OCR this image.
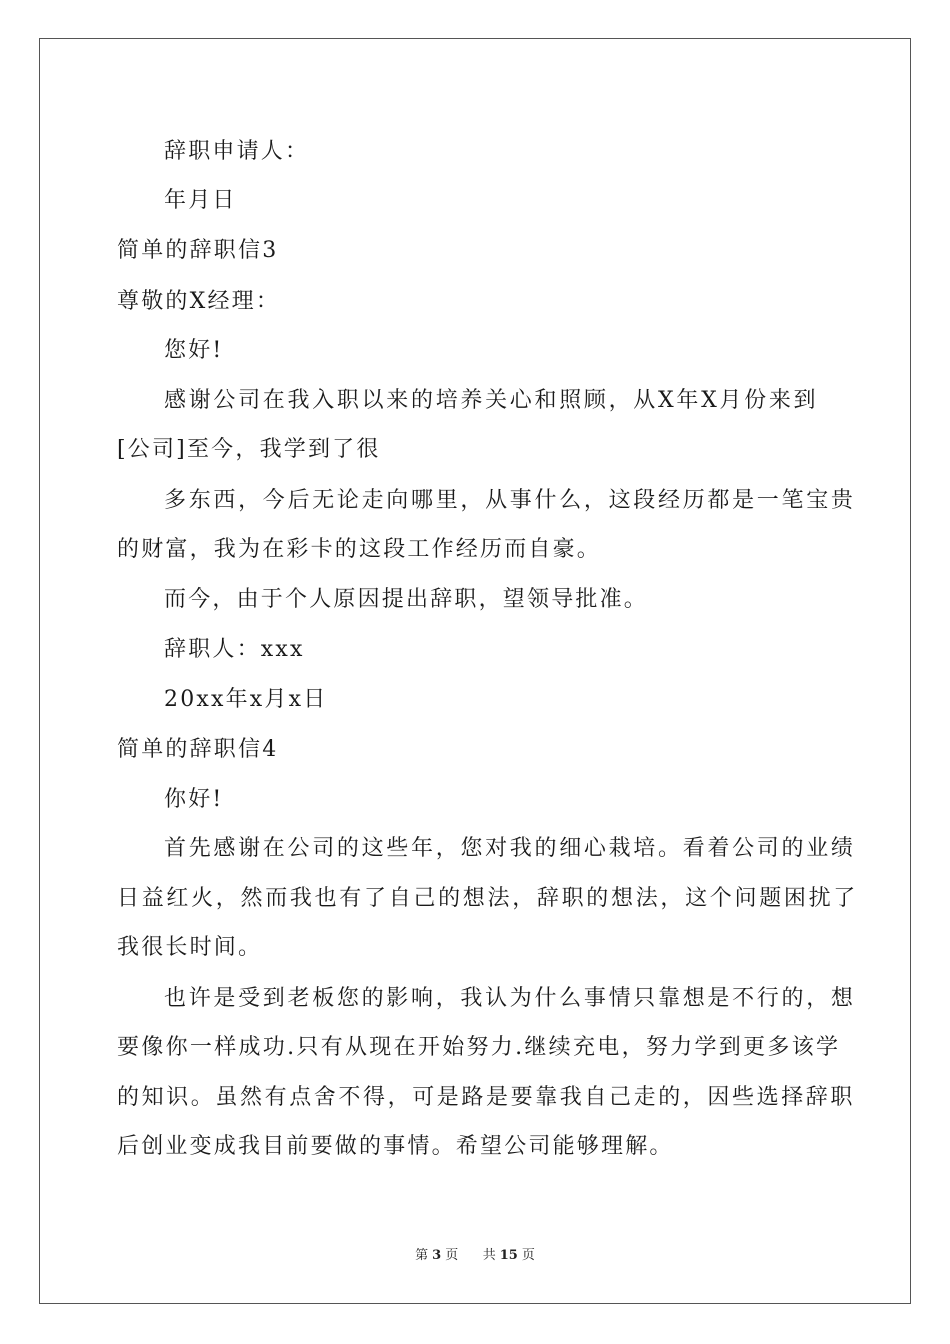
辞职申请人：
年月日
简单的辞职信3
尊敬的X经理：
您好!
感谢公司在我入职以来的培养关心和照顾，从X年X月份来到
[公司]至今，我学到了很
多东西，今后无论走向哪里，从事什么，这段经历都是一笔宝贵
的财富，我为在彩卡的这段工作经历而自豪。
而今，由于个人原因提出辞职，望领导批准。
辞职人：xxx
20xx年x月x日
简单的辞职信4
你好!
首先感谢在公司的这些年，您对我的细心栽培。看着公司的业绩
日益红火，然而我也有了自己的想法，辞职的想法，这个问题困扰了
我很长时间。
也许是受到老板您的影响，我认为什么事情只靠想是不行的，想
要像你一样成功.只有从现在开始努力.继续充电，努力学到更多该学
的知识。虽然有点舍不得，可是路是要靠我自己走的，因些选择辞职
后创业变成我目前要做的事情。希望公司能够理解。
第 3 页 共 15 页
